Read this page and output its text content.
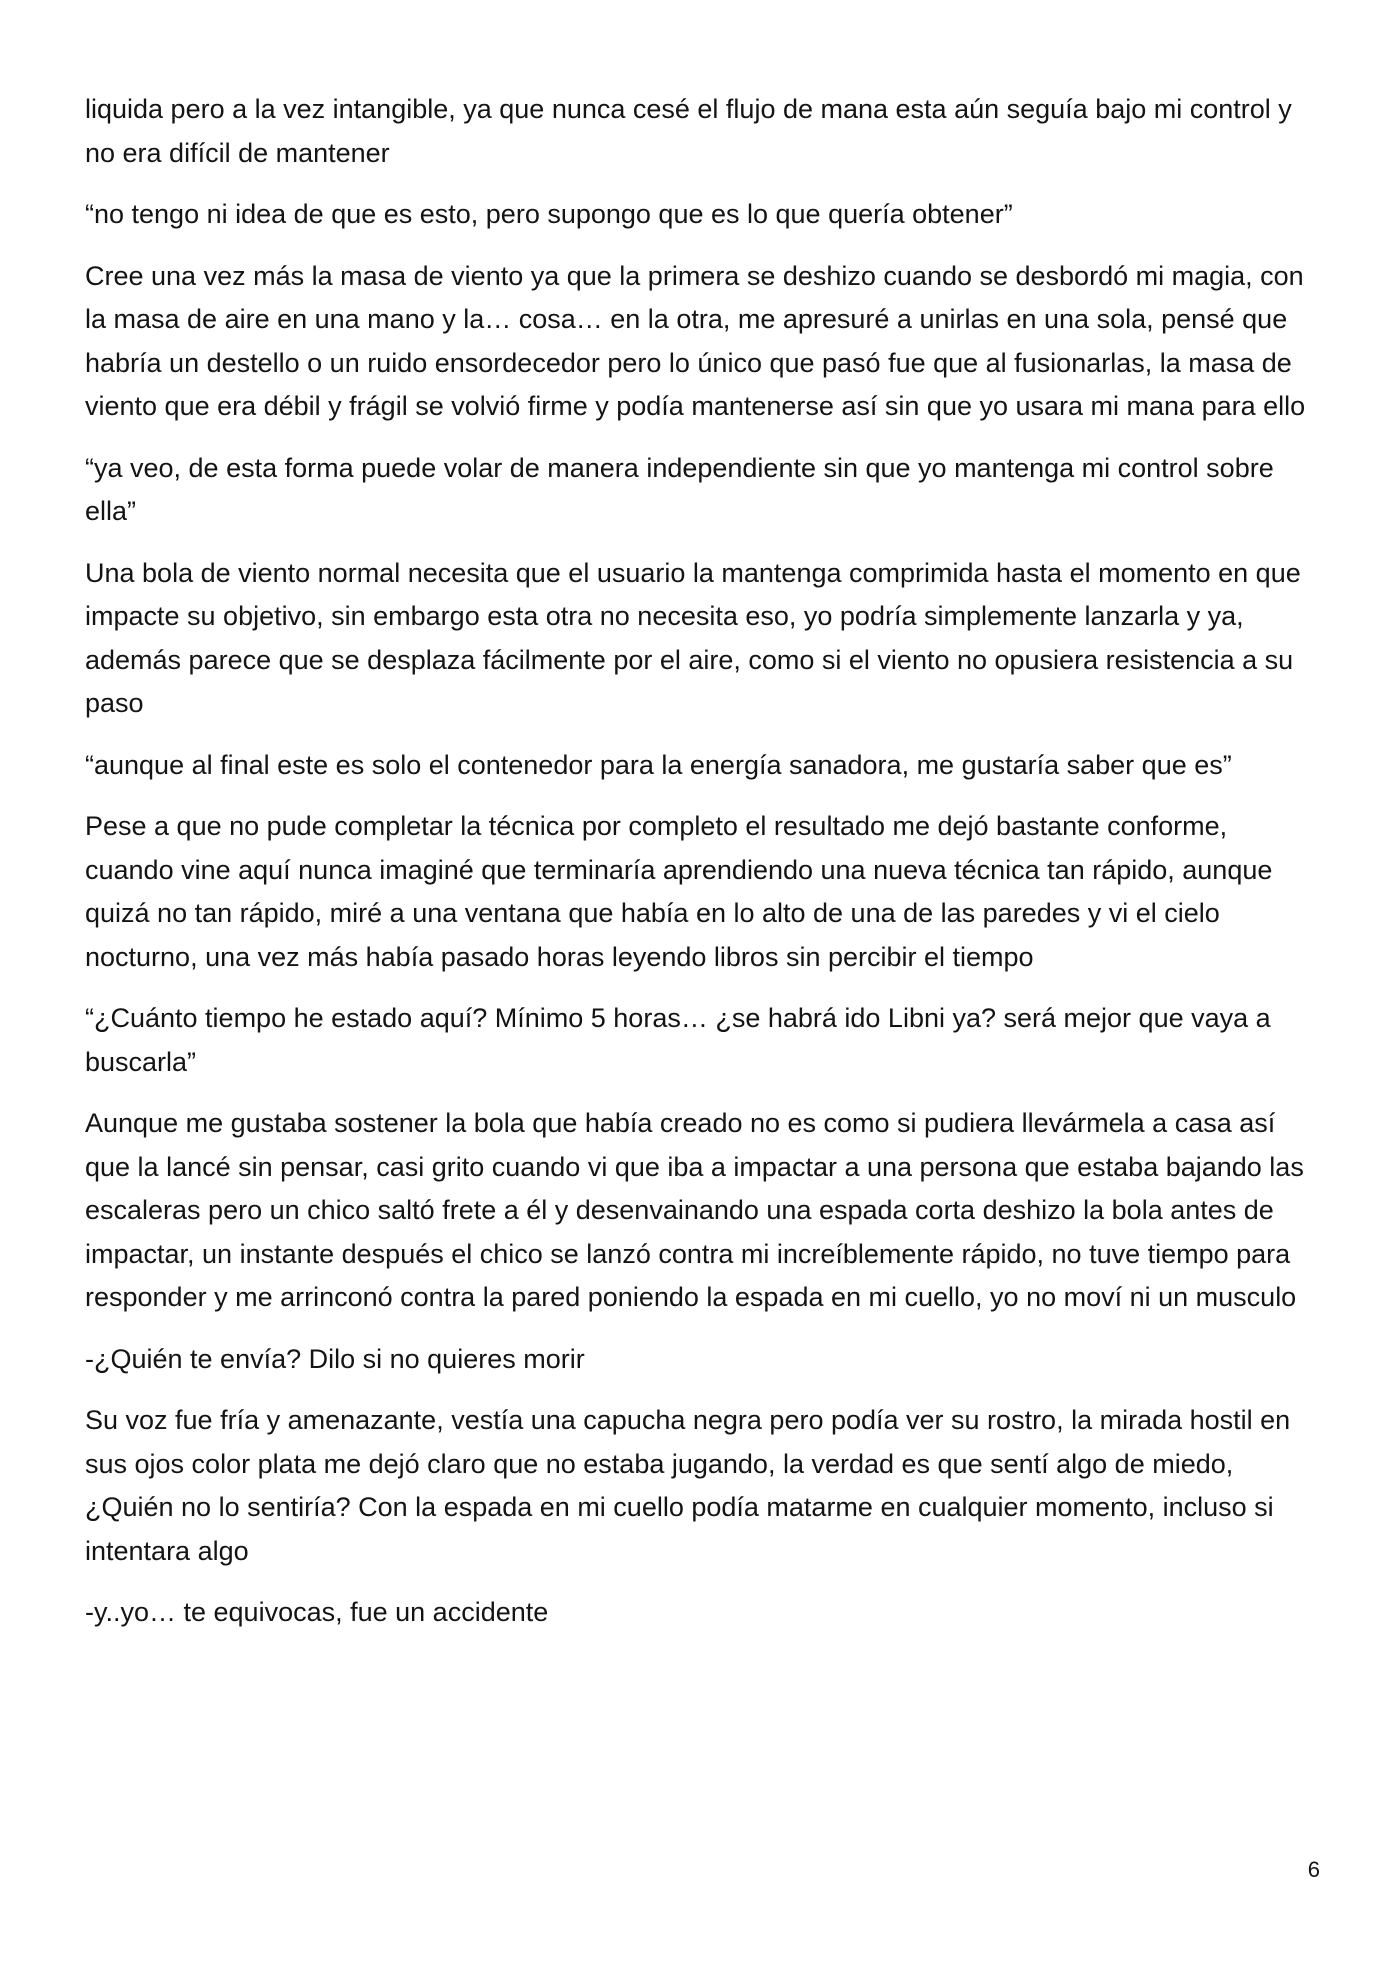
liquida pero a la vez intangible, ya que nunca cesé el flujo de mana esta aún seguía bajo mi control y no era difícil de mantener

“no tengo ni idea de que es esto, pero supongo que es lo que quería obtener”

Cree una vez más la masa de viento ya que la primera se deshizo cuando se desbordó mi magia, con la masa de aire en una mano y la… cosa… en la otra, me apresuré a unirlas en una sola, pensé que habría un destello o un ruido ensordecedor pero lo único que pasó fue que al fusionarlas, la masa de viento que era débil y frágil se volvió firme y podía mantenerse así sin que yo usara mi mana para ello

“ya veo, de esta forma puede volar de manera independiente sin que yo mantenga mi control sobre ella”

Una bola de viento normal necesita que el usuario la mantenga comprimida hasta el momento en que impacte su objetivo, sin embargo esta otra no necesita eso, yo podría simplemente lanzarla y ya, además parece que se desplaza fácilmente por el aire, como si el viento no opusiera resistencia a su paso

“aunque al final este es solo el contenedor para la energía sanadora, me gustaría saber que es”

Pese a que no pude completar la técnica por completo el resultado me dejó bastante conforme, cuando vine aquí nunca imaginé que terminaría aprendiendo una nueva técnica tan rápido, aunque quizá no tan rápido, miré a una ventana que había en lo alto de una de las paredes y vi el cielo nocturno, una vez más había pasado horas leyendo libros sin percibir el tiempo

“¿Cuánto tiempo he estado aquí? Mínimo 5 horas… ¿se habrá ido Libni ya? será mejor que vaya a buscarla”

Aunque me gustaba sostener la bola que había creado no es como si pudiera llevármela a casa así que la lancé sin pensar, casi grito cuando vi que iba a impactar a una persona que estaba bajando las escaleras pero un chico saltó frete a él y desenvainando una espada corta deshizo la bola antes de impactar, un instante después el chico se lanzó contra mi increíblemente rápido, no tuve tiempo para responder y me arrinconó contra la pared poniendo la espada en mi cuello, yo no moví ni un musculo

-¿Quién te envía? Dilo si no quieres morir

Su voz fue fría y amenazante, vestía una capucha negra pero podía ver su rostro, la mirada hostil en sus ojos color plata me dejó claro que no estaba jugando, la verdad es que sentí algo de miedo, ¿Quién no lo sentiría? Con la espada en mi cuello podía matarme en cualquier momento, incluso si intentara algo

-y..yo… te equivocas, fue un accidente

6
